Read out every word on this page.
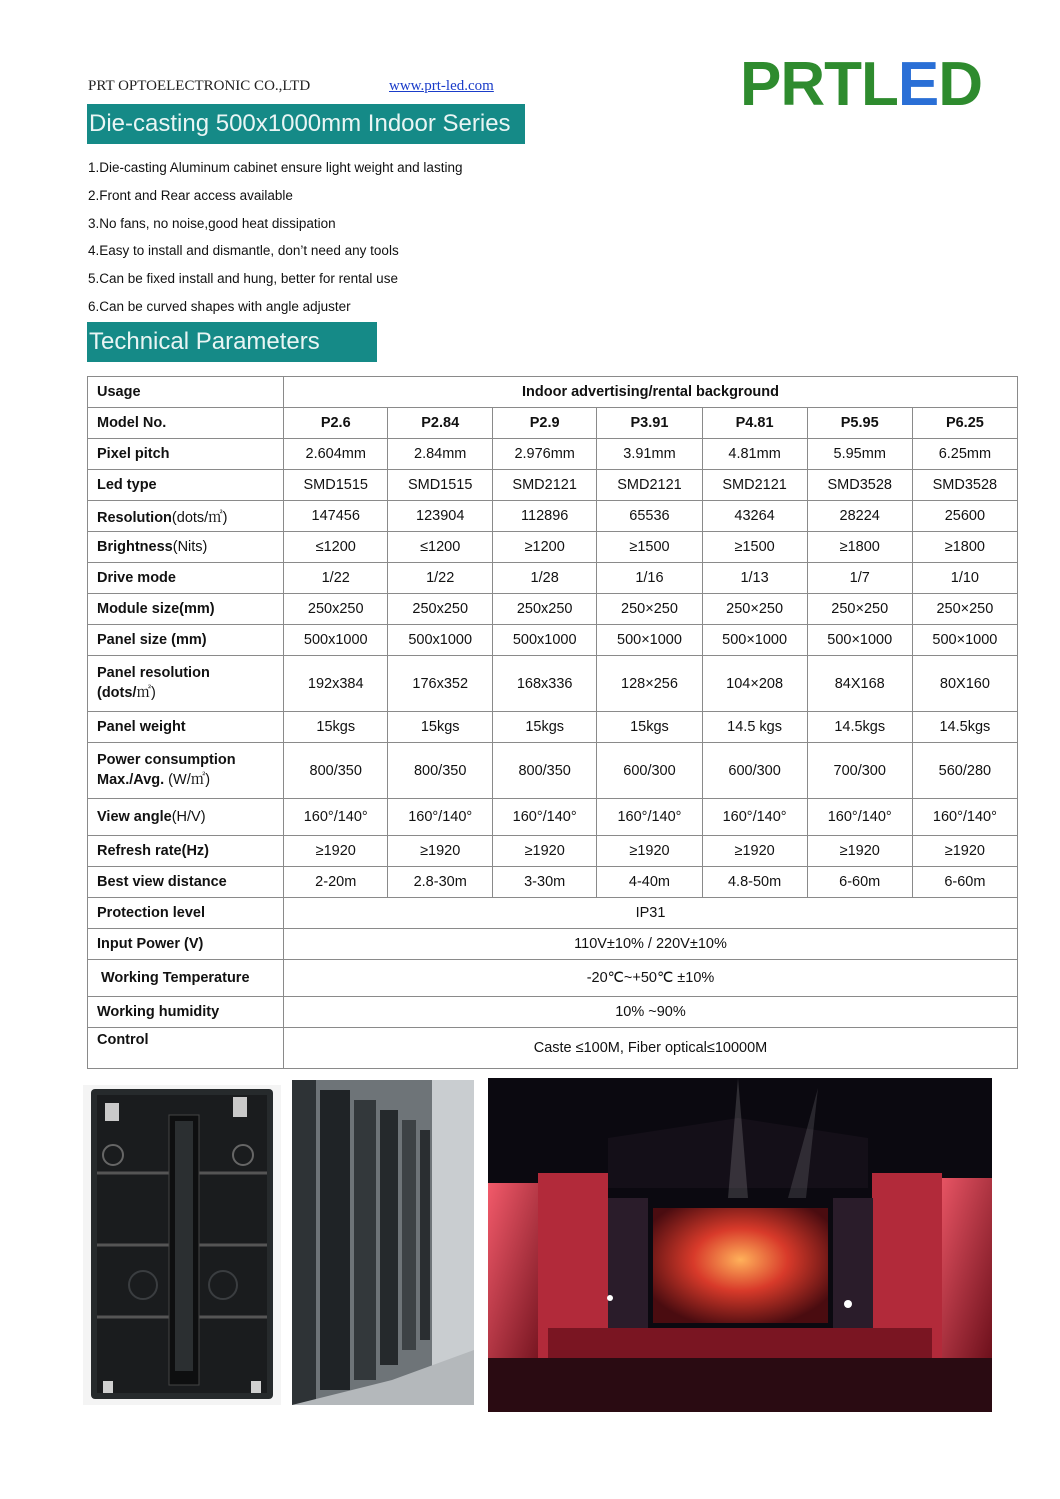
PRT OPTOELECTRONIC CO.,LTD	www.prt-led.com	PRTLED
Die-casting 500x1000mm Indoor Series
1.Die-casting Aluminum cabinet ensure light weight and lasting
2.Front and Rear access available
3.No fans, no noise,good heat dissipation
4.Easy to install and dismantle, don’t need any tools
5.Can be fixed install and hung, better for rental use
6.Can be curved shapes with angle adjuster
Technical Parameters
Usage	Indoor advertising/rental background						
Model No.	P2.6	P2.84	P2.9	P3.91	P4.81	P5.95	P6.25
Pixel pitch	2.604mm	2.84mm	2.976mm	3.91mm	4.81mm	5.95mm	6.25mm
Led type	SMD1515	SMD1515	SMD2121	SMD2121	SMD2121	SMD3528	SMD3528
Resolution(dots/㎡)	147456	123904	112896	65536	43264	28224	25600
Brightness(Nits)	≤1200	≤1200	≥1200	≥1500	≥1500	≥1800	≥1800
Drive mode	1/22	1/22	1/28	1/16	1/13	1/7	1/10
Module size(mm)	250x250	250x250	250x250	250×250	250×250	250×250	250×250
Panel size (mm)	500x1000	500x1000	500x1000	500×1000	500×1000	500×1000	500×1000
Panel resolution
(dots/㎡)	192x384	176x352	168x336	128×256	104×208	84X168	80X160
Panel weight	15kgs	15kgs	15kgs	15kgs	14.5 kgs	14.5kgs	14.5kgs
Power consumption
Max./Avg. (W/㎡)	800/350	800/350	800/350	600/300	600/300	700/300	560/280
View angle(H/V)	160°/140°	160°/140°	160°/140°	160°/140°	160°/140°	160°/140°	160°/140°
Refresh rate(Hz)	≥1920	≥1920	≥1920	≥1920	≥1920	≥1920	≥1920
Best view distance	2-20m	2.8-30m	3-30m	4-40m	4.8-50m	6-60m	6-60m
Protection level	IP31						
Input Power (V)	110V±10% / 220V±10%						
Working Temperature	-20℃~+50℃ ±10%						
Working humidity	10% ~90%						
Control	Caste ≤100M, Fiber optical≤10000M						
